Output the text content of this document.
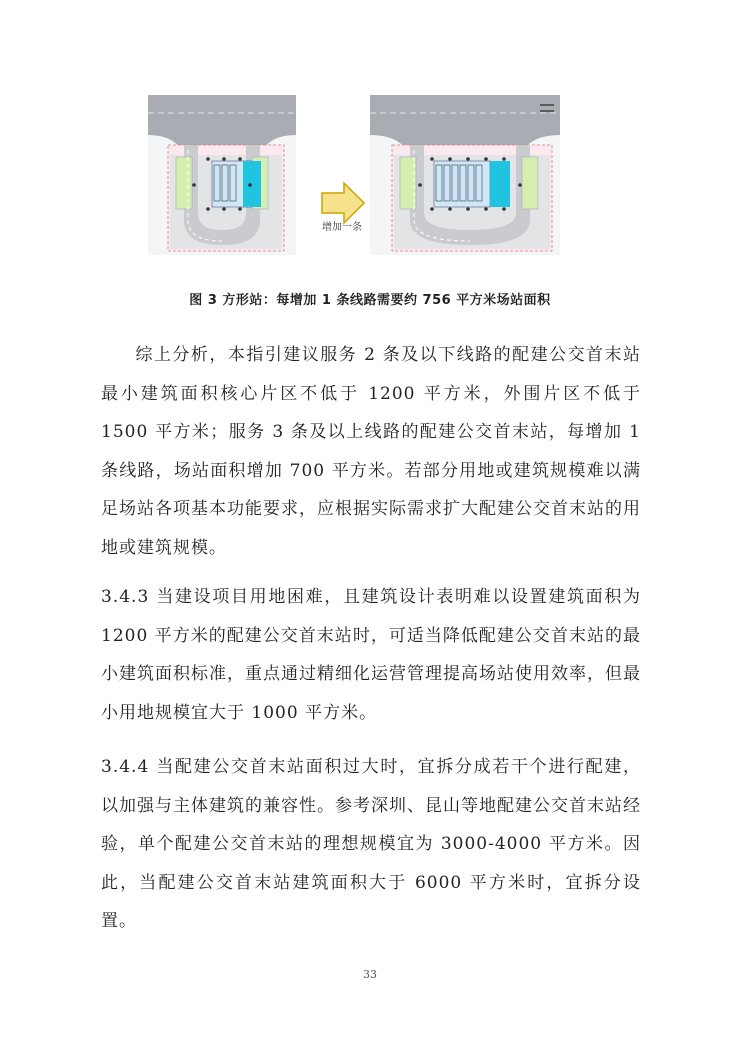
增加一条
图 3 方形站：每增加 1 条线路需要约 756 平方米场站面积

综上分析，本指引建议服务 2 条及以下线路的配建公交首末站最小建筑面积核心片区不低于 1200 平方米，外围片区不低于 1500 平方米；服务 3 条及以上线路的配建公交首末站，每增加 1 条线路，场站面积增加 700 平方米。若部分用地或建筑规模难以满足场站各项基本功能要求，应根据实际需求扩大配建公交首末站的用地或建筑规模。

3.4.3 当建设项目用地困难，且建筑设计表明难以设置建筑面积为 1200 平方米的配建公交首末站时，可适当降低配建公交首末站的最小建筑面积标准，重点通过精细化运营管理提高场站使用效率，但最小用地规模宜大于 1000 平方米。

3.4.4 当配建公交首末站面积过大时，宜拆分成若干个进行配建，以加强与主体建筑的兼容性。参考深圳、昆山等地配建公交首末站经验，单个配建公交首末站的理想规模宜为 3000-4000 平方米。因此，当配建公交首末站建筑面积大于 6000 平方米时，宜拆分设置。

33
